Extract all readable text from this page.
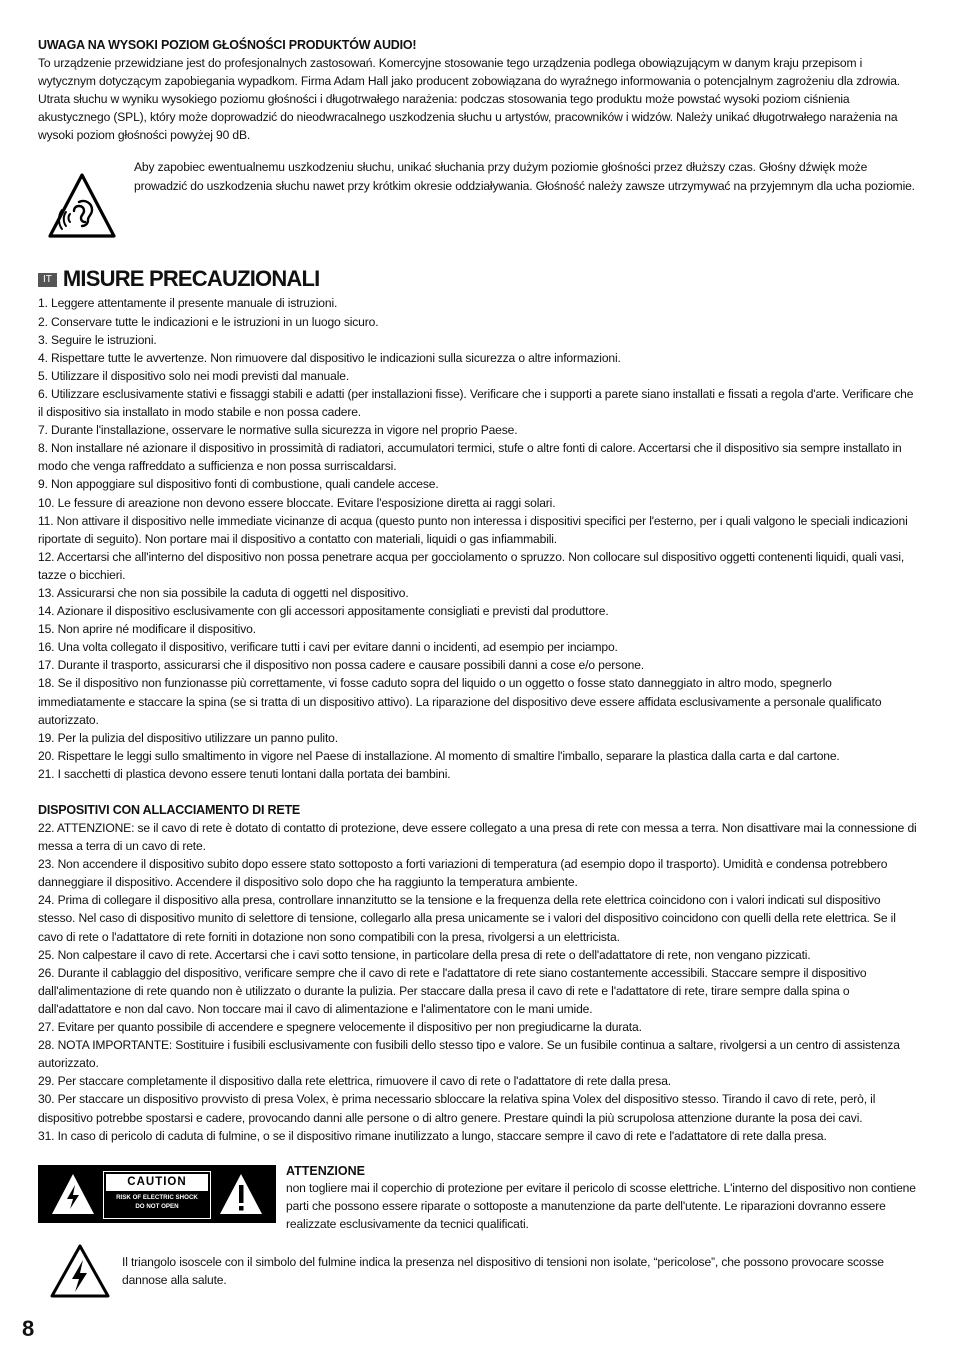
UWAGA NA WYSOKI POZIOM GŁOŚNOŚCI PRODUKTÓW AUDIO!

To urządzenie przewidziane jest do profesjonalnych zastosowań. Komercyjne stosowanie tego urządzenia podlega obowiązującym w danym kraju przepisom i wytycznym dotyczącym zapobiegania wypadkom. Firma Adam Hall jako producent zobowiązana do wyraźnego informowania o potencjalnym zagrożeniu dla zdrowia. Utrata słuchu w wyniku wysokiego poziomu głośności i długotrwałego narażenia: podczas stosowania tego produktu może powstać wysoki poziom ciśnienia akustycznego (SPL), który może doprowadzić do nieodwracalnego uszkodzenia słuchu u artystów, pracowników i widzów. Należy unikać długotrwałego narażenia na wysoki poziom głośności powyżej 90 dB.

Aby zapobiec ewentualnemu uszkodzeniu słuchu, unikać słuchania przy dużym poziomie głośności przez dłuższy czas. Głośny dźwięk może prowadzić do uszkodzenia słuchu nawet przy krótkim okresie oddziaływania. Głośność należy zawsze utrzymywać na przyjemnym dla ucha poziomie.

IT MISURE PRECAUZIONALI
1. Leggere attentamente il presente manuale di istruzioni.
2. Conservare tutte le indicazioni e le istruzioni in un luogo sicuro.
3. Seguire le istruzioni.
4. Rispettare tutte le avvertenze. Non rimuovere dal dispositivo le indicazioni sulla sicurezza o altre informazioni.
5. Utilizzare il dispositivo solo nei modi previsti dal manuale.
6. Utilizzare esclusivamente stativi e fissaggi stabili e adatti (per installazioni fisse). Verificare che i supporti a parete siano installati e fissati a regola d'arte. Verificare che il dispositivo sia installato in modo stabile e non possa cadere.
7. Durante l'installazione, osservare le normative sulla sicurezza in vigore nel proprio Paese.
8. Non installare né azionare il dispositivo in prossimità di radiatori, accumulatori termici, stufe o altre fonti di calore. Accertarsi che il dispositivo sia sempre installato in modo che venga raffreddato a sufficienza e non possa surriscaldarsi.
9. Non appoggiare sul dispositivo fonti di combustione, quali candele accese.
10. Le fessure di areazione non devono essere bloccate. Evitare l'esposizione diretta ai raggi solari.
11. Non attivare il dispositivo nelle immediate vicinanze di acqua (questo punto non interessa i dispositivi specifici per l'esterno, per i quali valgono le speciali indicazioni riportate di seguito). Non portare mai il dispositivo a contatto con materiali, liquidi o gas infiammabili.
12. Accertarsi che all'interno del dispositivo non possa penetrare acqua per gocciolamento o spruzzo. Non collocare sul dispositivo oggetti contenenti liquidi, quali vasi, tazze o bicchieri.
13. Assicurarsi che non sia possibile la caduta di oggetti nel dispositivo.
14. Azionare il dispositivo esclusivamente con gli accessori appositamente consigliati e previsti dal produttore.
15. Non aprire né modificare il dispositivo.
16. Una volta collegato il dispositivo, verificare tutti i cavi per evitare danni o incidenti, ad esempio per inciampo.
17. Durante il trasporto, assicurarsi che il dispositivo non possa cadere e causare possibili danni a cose e/o persone.
18. Se il dispositivo non funzionasse più correttamente, vi fosse caduto sopra del liquido o un oggetto o fosse stato danneggiato in altro modo, spegnerlo immediatamente e staccare la spina (se si tratta di un dispositivo attivo). La riparazione del dispositivo deve essere affidata esclusivamente a personale qualificato autorizzato.
19. Per la pulizia del dispositivo utilizzare un panno pulito.
20. Rispettare le leggi sullo smaltimento in vigore nel Paese di installazione. Al momento di smaltire l'imballo, separare la plastica dalla carta e dal cartone.
21. I sacchetti di plastica devono essere tenuti lontani dalla portata dei bambini.

DISPOSITIVI CON ALLACCIAMENTO DI RETE

22. ATTENZIONE: se il cavo di rete è dotato di contatto di protezione, deve essere collegato a una presa di rete con messa a terra. Non disattivare mai la connessione di messa a terra di un cavo di rete.
23. Non accendere il dispositivo subito dopo essere stato sottoposto a forti variazioni di temperatura (ad esempio dopo il trasporto). Umidità e condensa potrebbero danneggiare il dispositivo. Accendere il dispositivo solo dopo che ha raggiunto la temperatura ambiente.
24. Prima di collegare il dispositivo alla presa, controllare innanzitutto se la tensione e la frequenza della rete elettrica coincidono con i valori indicati sul dispositivo stesso. Nel caso di dispositivo munito di selettore di tensione, collegarlo alla presa unicamente se i valori del dispositivo coincidono con quelli della rete elettrica. Se il cavo di rete o l'adattatore di rete forniti in dotazione non sono compatibili con la presa, rivolgersi a un elettricista.
25. Non calpestare il cavo di rete. Accertarsi che i cavi sotto tensione, in particolare della presa di rete o dell'adattatore di rete, non vengano pizzicati.
26. Durante il cablaggio del dispositivo, verificare sempre che il cavo di rete e l'adattatore di rete siano costantemente accessibili. Staccare sempre il dispositivo dall'alimentazione di rete quando non è utilizzato o durante la pulizia. Per staccare dalla presa il cavo di rete e l'adattatore di rete, tirare sempre dalla spina o dall'adattatore e non dal cavo. Non toccare mai il cavo di alimentazione e l'alimentatore con le mani umide.
27. Evitare per quanto possibile di accendere e spegnere velocemente il dispositivo per non pregiudicarne la durata.
28. NOTA IMPORTANTE: Sostituire i fusibili esclusivamente con fusibili dello stesso tipo e valore. Se un fusibile continua a saltare, rivolgersi a un centro di assistenza autorizzato.
29. Per staccare completamente il dispositivo dalla rete elettrica, rimuovere il cavo di rete o l'adattatore di rete dalla presa.
30. Per staccare un dispositivo provvisto di presa Volex, è prima necessario sbloccare la relativa spina Volex del dispositivo stesso. Tirando il cavo di rete, però, il dispositivo potrebbe spostarsi e cadere, provocando danni alle persone o di altro genere. Prestare quindi la più scrupolosa attenzione durante la posa dei cavi.
31. In caso di pericolo di caduta di fulmine, o se il dispositivo rimane inutilizzato a lungo, staccare sempre il cavo di rete e l'adattatore di rete dalla presa.
CAUTION
RISK OF ELECTRIC SHOCK
DO NOT OPEN

ATTENZIONE

non togliere mai il coperchio di protezione per evitare il pericolo di scosse elettriche. L'interno del dispositivo non contiene parti che possono essere riparate o sottoposte a manutenzione da parte dell'utente. Le riparazioni dovranno essere realizzate esclusivamente da tecnici qualificati.

Il triangolo isoscele con il simbolo del fulmine indica la presenza nel dispositivo di tensioni non isolate, “pericolose”, che possono provocare scosse dannose alla salute.

8
